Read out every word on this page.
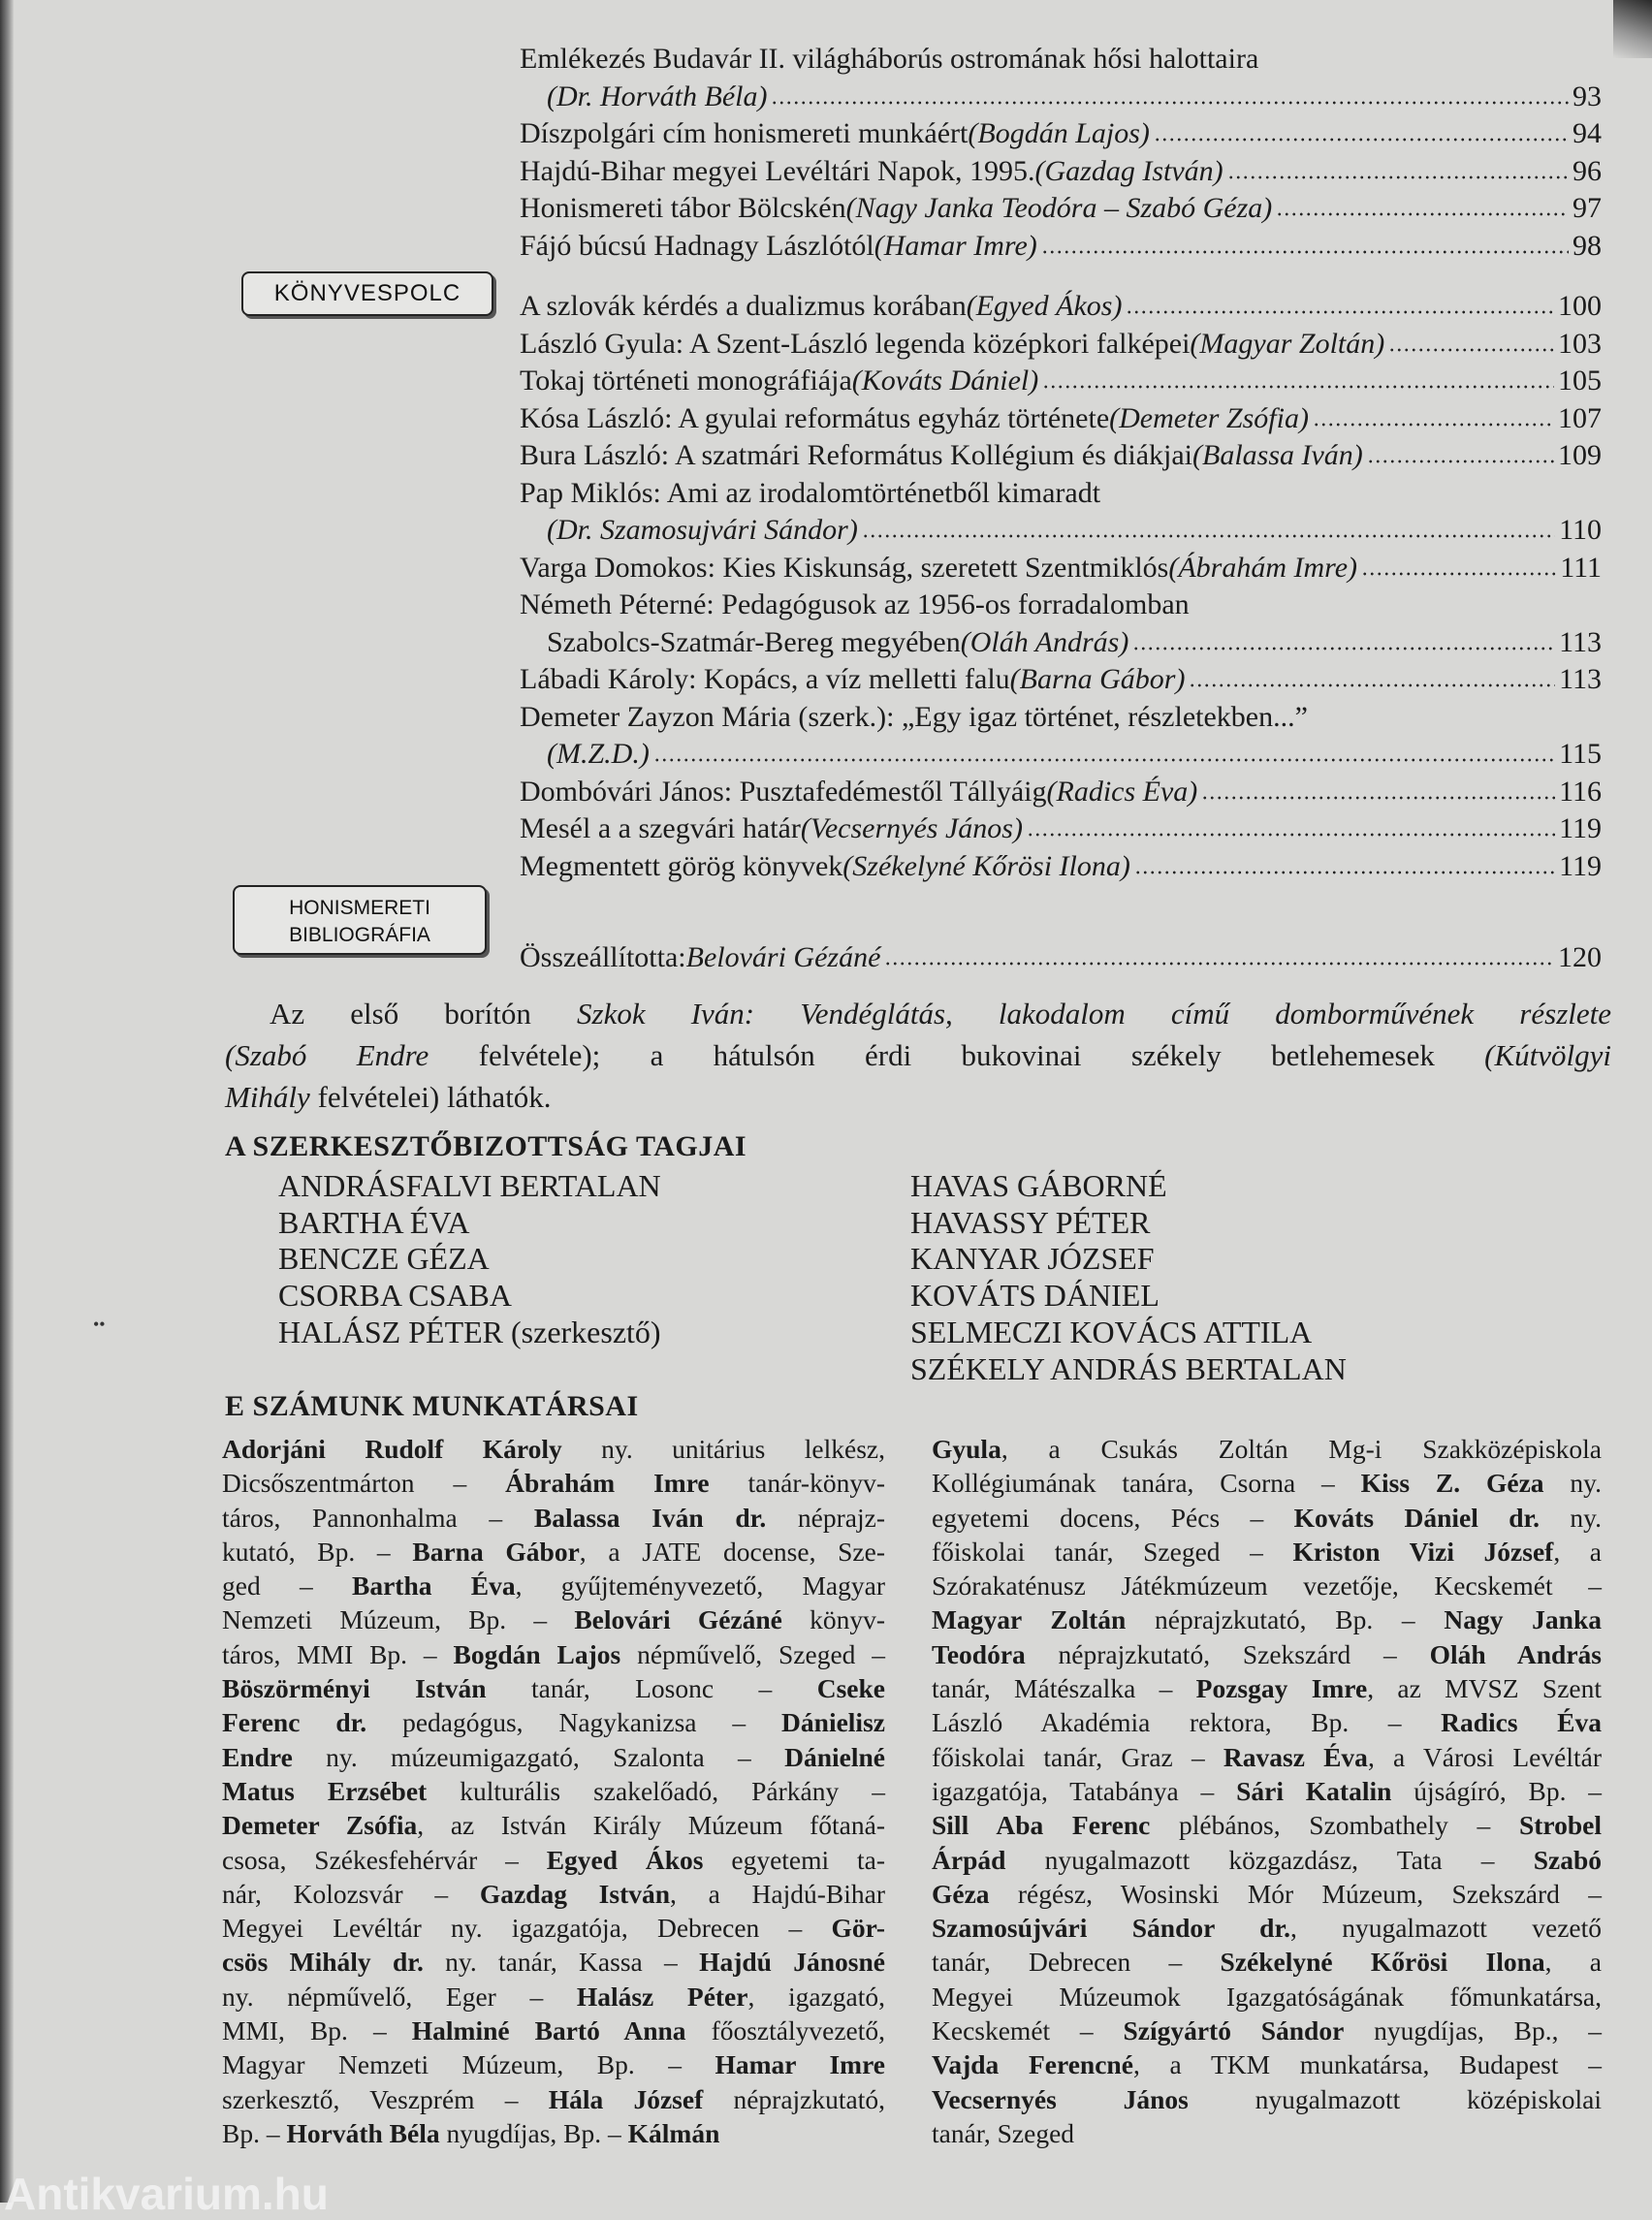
Emlékezés Budavár II. világháborús ostromának hősi halottaira
(Dr. Horváth Béla)	93
Díszpolgári cím honismereti munkáért (Bogdán Lajos)	94
Hajdú-Bihar megyei Levéltári Napok, 1995. (Gazdag István)	96
Honismereti tábor Bölcskén (Nagy Janka Teodóra – Szabó Géza)	97
Fájó búcsú Hadnagy Lászlótól (Hamar Imre)	98
A szlovák kérdés a dualizmus korában (Egyed Ákos)	100
László Gyula: A Szent-László legenda középkori falképei (Magyar Zoltán)	103
Tokaj történeti monográfiája (Kováts Dániel)	105
Kósa László: A gyulai református egyház története (Demeter Zsófia)	107
Bura László: A szatmári Református Kollégium és diákjai (Balassa Iván)	109
Pap Miklós: Ami az irodalomtörténetből kimaradt
(Dr. Szamosujvári Sándor)	110
Varga Domokos: Kies Kiskunság, szeretett Szentmiklós (Ábrahám Imre)	111
Németh Péterné: Pedagógusok az 1956-os forradalomban
Szabolcs-Szatmár-Bereg megyében (Oláh András)	113
Lábadi Károly: Kopács, a víz melletti falu (Barna Gábor)	113
Demeter Zayzon Mária (szerk.): „Egy igaz történet, részletekben...”
(M.Z.D.)	115
Dombóvári János: Pusztafedémestől Tállyáig (Radics Éva)	116
Mesél a a szegvári határ (Vecsernyés János)	119
Megmentett görög könyvek (Székelyné Kőrösi Ilona)	119
Összeállította: Belovári Gézáné	120
KÖNYVESPOLC
HONISMERETI
BIBLIOGRÁFIA
Az első borítón Szkok Iván: Vendéglátás, lakodalom című domborművének részlete
(Szabó Endre felvétele); a hátulsón érdi bukovinai székely betlehemesek (Kútvölgyi
Mihály felvételei) láthatók.
A SZERKESZTŐBIZOTTSÁG TAGJAI
ANDRÁSFALVI BERTALAN
BARTHA ÉVA
BENCZE GÉZA
CSORBA CSABA
HALÁSZ PÉTER (szerkesztő)
HAVAS GÁBORNÉ
HAVASSY PÉTER
KANYAR JÓZSEF
KOVÁTS DÁNIEL
SELMECZI KOVÁCS ATTILA
SZÉKELY ANDRÁS BERTALAN
E SZÁMUNK MUNKATÁRSAI
Adorjáni Rudolf Károly ny. unitárius lelkész,
Dicsőszentmárton – Ábrahám Imre tanár-könyv-
táros, Pannonhalma – Balassa Iván dr. néprajz-
kutató, Bp. – Barna Gábor, a JATE docense, Sze-
ged – Bartha Éva, gyűjteményvezető, Magyar
Nemzeti Múzeum, Bp. – Belovári Gézáné könyv-
táros, MMI Bp. – Bogdán Lajos népművelő, Szeged –
Böszörményi István tanár, Losonc – Cseke
Ferenc dr. pedagógus, Nagykanizsa – Dánielisz
Endre ny. múzeumigazgató, Szalonta – Dánielné
Matus Erzsébet kulturális szakelőadó, Párkány –
Demeter Zsófia, az István Király Múzeum főtaná-
csosa, Székesfehérvár – Egyed Ákos egyetemi ta-
nár, Kolozsvár – Gazdag István, a Hajdú-Bihar
Megyei Levéltár ny. igazgatója, Debrecen – Gör-
csös Mihály dr. ny. tanár, Kassa – Hajdú Jánosné
ny. népművelő, Eger – Halász Péter, igazgató,
MMI, Bp. – Halminé Bartó Anna főosztályvezető,
Magyar Nemzeti Múzeum, Bp. – Hamar Imre
szerkesztő, Veszprém – Hála József néprajzkutató,
Bp. – Horváth Béla nyugdíjas, Bp. – Kálmán
Gyula, a Csukás Zoltán Mg-i Szakközépiskola
Kollégiumának tanára, Csorna – Kiss Z. Géza ny.
egyetemi docens, Pécs – Kováts Dániel dr. ny.
főiskolai tanár, Szeged – Kriston Vizi József, a
Szórakaténusz Játékmúzeum vezetője, Kecskemét –
Magyar Zoltán néprajzkutató, Bp. – Nagy Janka
Teodóra néprajzkutató, Szekszárd – Oláh András
tanár, Mátészalka – Pozsgay Imre, az MVSZ Szent
László Akadémia rektora, Bp. – Radics Éva
főiskolai tanár, Graz – Ravasz Éva, a Városi Levéltár
igazgatója, Tatabánya – Sári Katalin újságíró, Bp. –
Sill Aba Ferenc plébános, Szombathely – Strobel
Árpád nyugalmazott közgazdász, Tata – Szabó
Géza régész, Wosinski Mór Múzeum, Szekszárd –
Szamosújvári Sándor dr., nyugalmazott vezető
tanár, Debrecen – Székelyné Kőrösi Ilona, a
Megyei Múzeumok Igazgatóságának főmunkatársa,
Kecskemét – Szígyártó Sándor nyugdíjas, Bp., –
Vajda Ferencné, a TKM munkatársa, Budapest –
Vecsernyés János nyugalmazott középiskolai
tanár, Szeged
••
Antikvarium.hu
